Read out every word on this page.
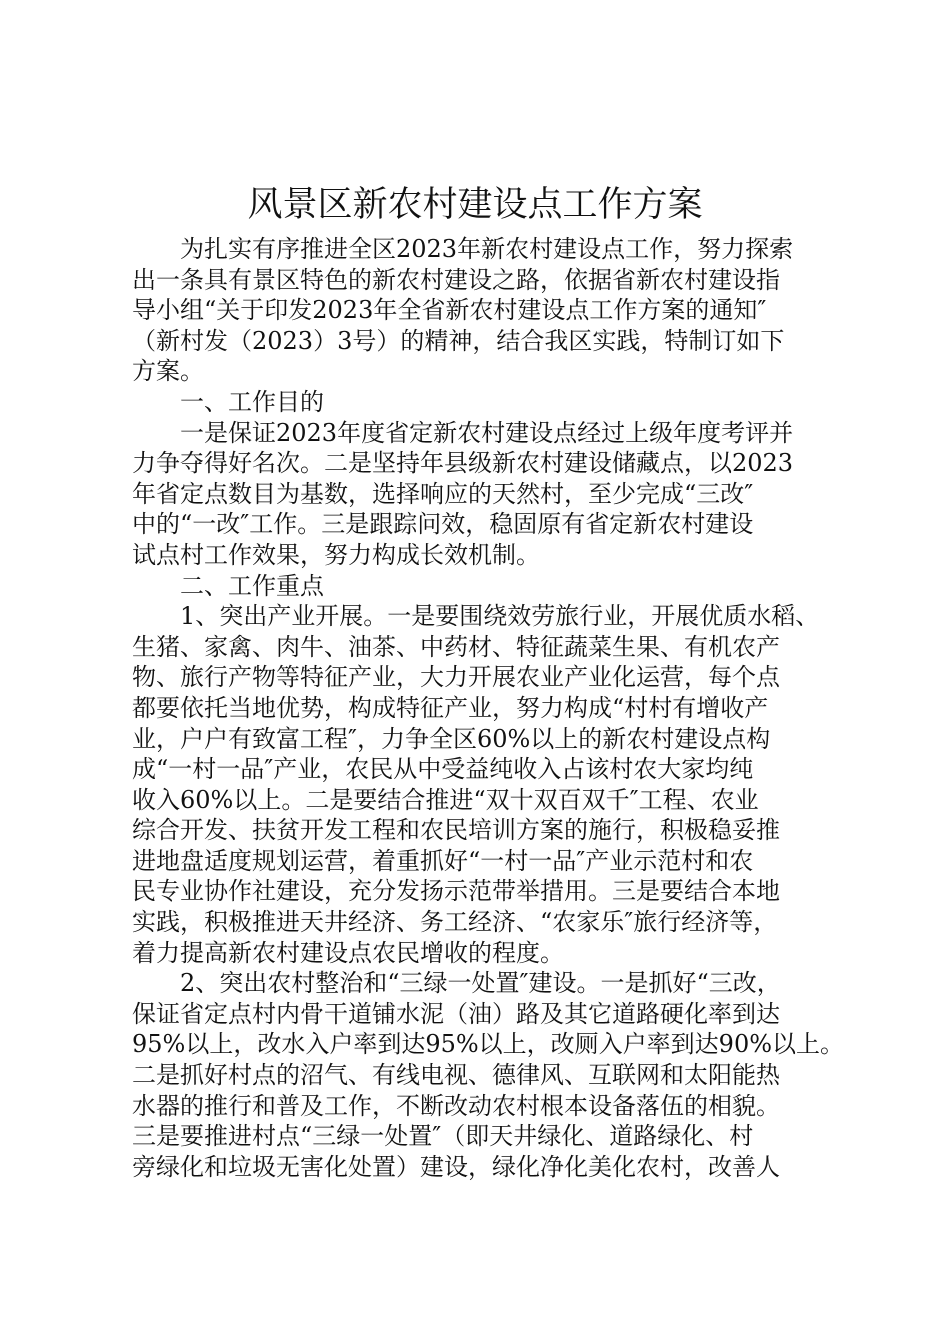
风景区新农村建设点工作方案
为扎实有序推进全区2023年新农村建设点工作，努力探索
出一条具有景区特色的新农村建设之路，依据省新农村建设指
导小组“关于印发2023年全省新农村建设点工作方案的通知″
（新村发（2023）3号）的精神，结合我区实践，特制订如下
方案。
一、工作目的
一是保证2023年度省定新农村建设点经过上级年度考评并
力争夺得好名次。二是坚持年县级新农村建设储藏点，以2023
年省定点数目为基数，选择响应的天然村，至少完成“三改″
中的“一改″工作。三是跟踪问效，稳固原有省定新农村建设
试点村工作效果，努力构成长效机制。
二、工作重点
1、突出产业开展。一是要围绕效劳旅行业，开展优质水稻、
生猪、家禽、肉牛、油茶、中药材、特征蔬菜生果、有机农产
物、旅行产物等特征产业，大力开展农业产业化运营，每个点
都要依托当地优势，构成特征产业，努力构成“村村有增收产
业，户户有致富工程″，力争全区60%以上的新农村建设点构
成“一村一品″产业，农民从中受益纯收入占该村农大家均纯
收入60%以上。二是要结合推进“双十双百双千″工程、农业
综合开发、扶贫开发工程和农民培训方案的施行，积极稳妥推
进地盘适度规划运营，着重抓好“一村一品″产业示范村和农
民专业协作社建设，充分发扬示范带举措用。三是要结合本地
实践，积极推进天井经济、务工经济、“农家乐″旅行经济等，
着力提高新农村建设点农民增收的程度。
2、突出农村整治和“三绿一处置″建设。一是抓好“三改，
保证省定点村内骨干道铺水泥（油）路及其它道路硬化率到达
95%以上，改水入户率到达95%以上，改厕入户率到达90%以上。
二是抓好村点的沼气、有线电视、德律风、互联网和太阳能热
水器的推行和普及工作，不断改动农村根本设备落伍的相貌。
三是要推进村点“三绿一处置″（即天井绿化、道路绿化、村
旁绿化和垃圾无害化处置）建设，绿化净化美化农村，改善人
